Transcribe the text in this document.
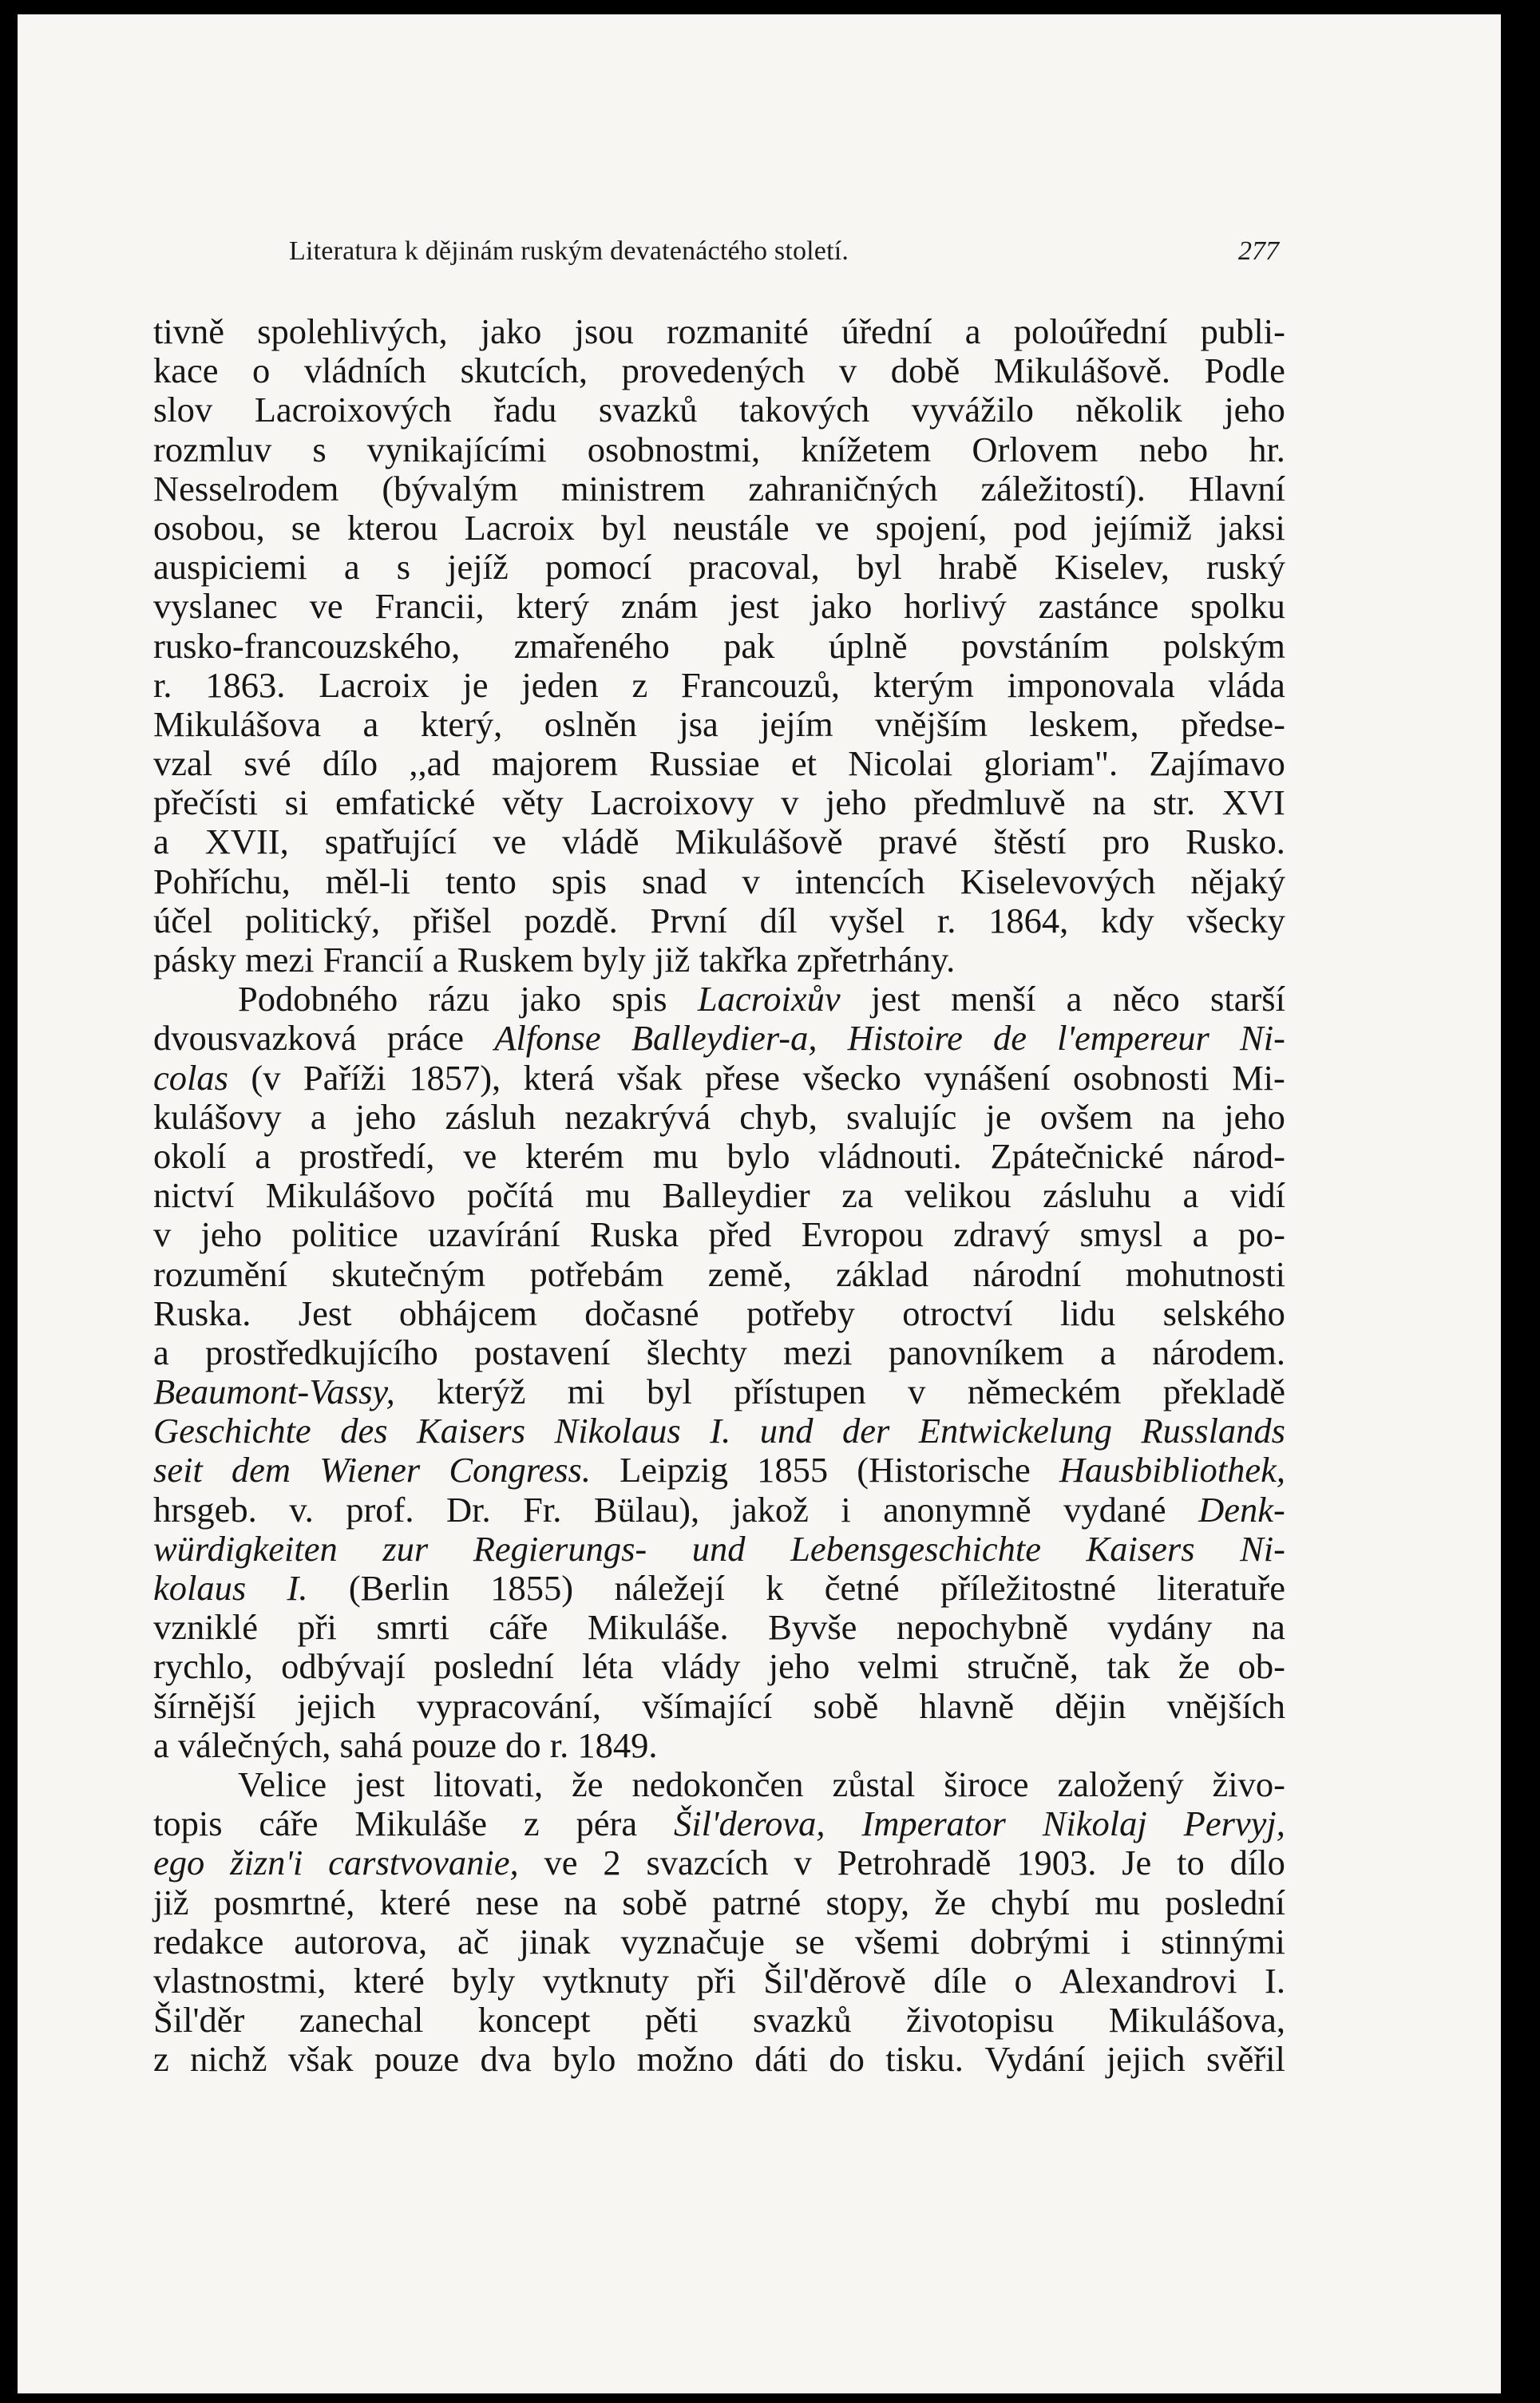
Literatura k dějinám ruským devatenáctého století.	277
tivně spolehlivých, jako jsou rozmanité úřední a poloúřední publi-
kace o vládních skutcích, provedených v době Mikulášově. Podle
slov Lacroixových řadu svazků takových vyvážilo několik jeho
rozmluv s vynikajícími osobnostmi, knížetem Orlovem nebo hr.
Nesselrodem (bývalým ministrem zahraničných záležitostí). Hlavní
osobou, se kterou Lacroix byl neustále ve spojení, pod jejímiž jaksi
auspiciemi a s jejíž pomocí pracoval, byl hrabě Kiselev, ruský
vyslanec ve Francii, který znám jest jako horlivý zastánce spolku
rusko-francouzského, zmařeného pak úplně povstáním polským
r. 1863. Lacroix je jeden z Francouzů, kterým imponovala vláda
Mikulášova a který, oslněn jsa jejím vnějším leskem, předse-
vzal své dílo ,,ad majorem Russiae et Nicolai gloriam". Zajímavo
přečísti si emfatické věty Lacroixovy v jeho předmluvě na str. XVI
a XVII, spatřující ve vládě Mikulášově pravé štěstí pro Rusko.
Pohříchu, měl-li tento spis snad v intencích Kiselevových nějaký
účel politický, přišel pozdě. První díl vyšel r. 1864, kdy všecky
pásky mezi Francií a Ruskem byly již takřka zpřetrhány.
Podobného rázu jako spis Lacroixův jest menší a něco starší
dvousvazková práce Alfonse Balleydier-a, Histoire de l'empereur Ni-
colas (v Paříži 1857), která však přese všecko vynášení osobnosti Mi-
kulášovy a jeho zásluh nezakrývá chyb, svalujíc je ovšem na jeho
okolí a prostředí, ve kterém mu bylo vládnouti. Zpátečnické národ-
nictví Mikulášovo počítá mu Balleydier za velikou zásluhu a vidí
v jeho politice uzavírání Ruska před Evropou zdravý smysl a po-
rozumění skutečným potřebám země, základ národní mohutnosti
Ruska. Jest obhájcem dočasné potřeby otroctví lidu selského
a prostředkujícího postavení šlechty mezi panovníkem a národem.
Beaumont-Vassy, kterýž mi byl přístupen v německém překladě
Geschichte des Kaisers Nikolaus I. und der Entwickelung Russlands
seit dem Wiener Congress. Leipzig 1855 (Historische Hausbibliothek,
hrsgeb. v. prof. Dr. Fr. Bülau), jakož i anonymně vydané Denk-
würdigkeiten zur Regierungs- und Lebensgeschichte Kaisers Ni-
kolaus I. (Berlin 1855) náležejí k četné příležitostné literatuře
vzniklé při smrti cáře Mikuláše. Byvše nepochybně vydány na
rychlo, odbývají poslední léta vlády jeho velmi stručně, tak že ob-
šírnější jejich vypracování, všímající sobě hlavně dějin vnějších
a válečných, sahá pouze do r. 1849.
Velice jest litovati, že nedokončen zůstal široce založený živo-
topis cáře Mikuláše z péra Šil'derova, Imperator Nikolaj Pervyj,
ego žizn'i carstvovanie, ve 2 svazcích v Petrohradě 1903. Je to dílo
již posmrtné, které nese na sobě patrné stopy, že chybí mu poslední
redakce autorova, ač jinak vyznačuje se všemi dobrými i stinnými
vlastnostmi, které byly vytknuty při Šil'děrově díle o Alexandrovi I.
Šil'děr zanechal koncept pěti svazků životopisu Mikulášova,
z nichž však pouze dva bylo možno dáti do tisku. Vydání jejich svěřil
